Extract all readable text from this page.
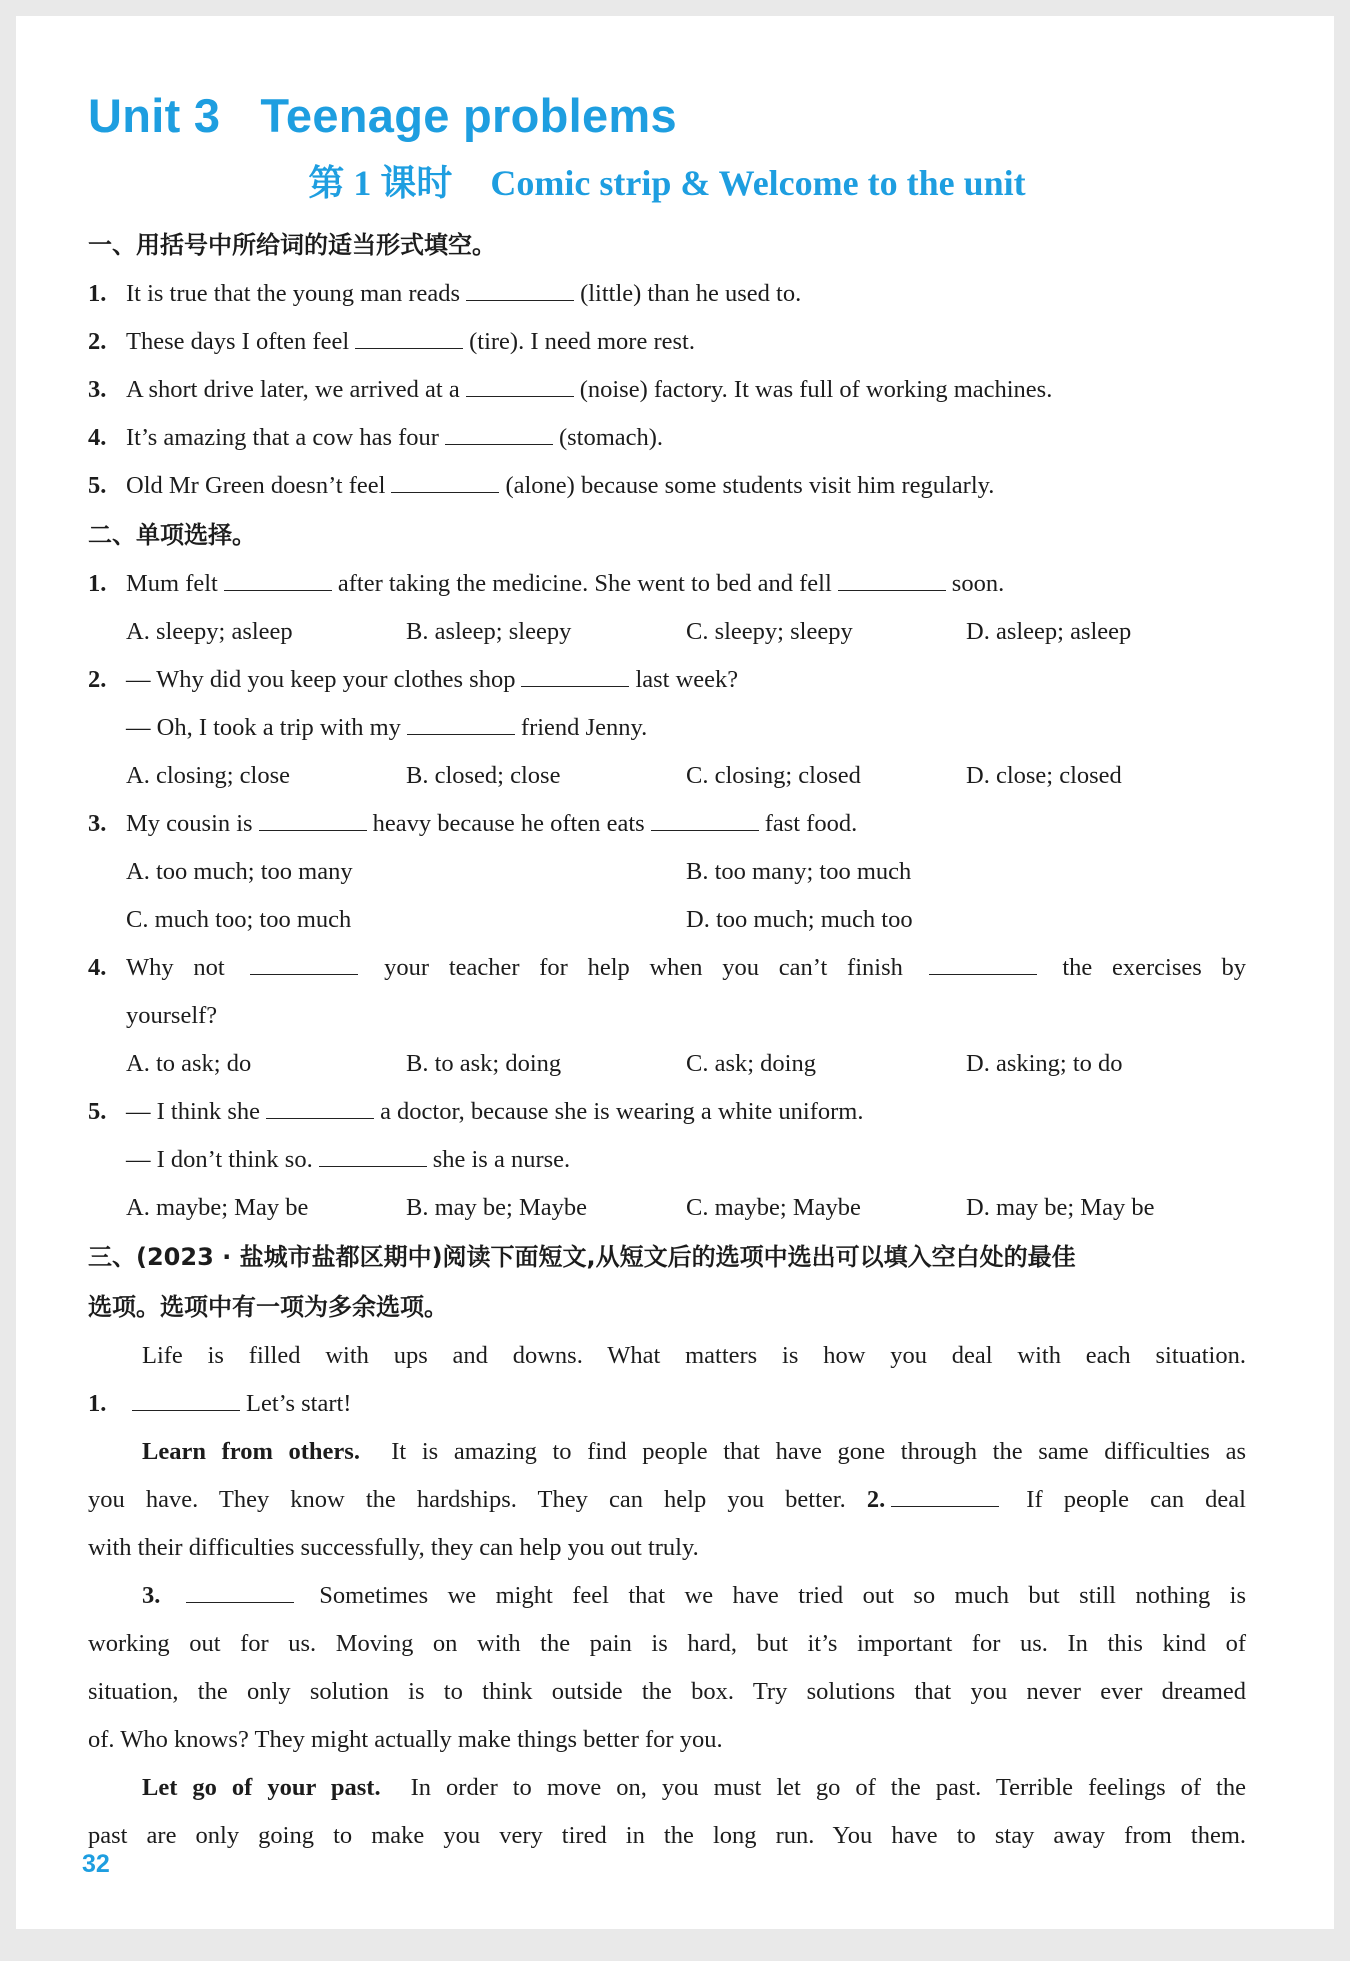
Unit 3 Teenage problems
第 1 课时 Comic strip & Welcome to the unit
一、用括号中所给词的适当形式填空。
1. It is true that the young man reads	(little) than he used to.
2. These days I often feel	(tire). I need more rest.
3. A short drive later, we arrived at a	(noise) factory. It was full of working machines.
4. It’s amazing that a cow has four	(stomach).
5. Old Mr Green doesn’t feel	(alone) because some students visit him regularly.
二、单项选择。
1. Mum felt	after taking the medicine. She went to bed and fell	soon.
A. sleepy; asleep	B. asleep; sleepy	C. sleepy; sleepy	D. asleep; asleep
2. — Why did you keep your clothes shop	last week?
— Oh, I took a trip with my	friend Jenny.
A. closing; close	B. closed; close	C. closing; closed	D. close; closed
3. My cousin is	heavy because he often eats	fast food.
A. too much; too many	B. too many; too much
C. much too; too much	D. too much; much too
4. Why not	your teacher for help when you can’t finish	the exercises by
yourself?
A. to ask; do	B. to ask; doing	C. ask; doing	D. asking; to do
5. — I think she	a doctor, because she is wearing a white uniform.
— I don’t think so.	she is a nurse.
A. maybe; May be	B. may be; Maybe	C. maybe; Maybe	D. may be; May be
三、(2023 · 盐城市盐都区期中)阅读下面短文,从短文后的选项中选出可以填入空白处的最佳
选项。选项中有一项为多余选项。
Life is filled with ups and downs. What matters is how you deal with each situation.
1.	Let’s start!
Learn from others. It is amazing to find people that have gone through the same difficulties as
you have. They know the hardships. They can help you better. 2.	If people can deal
with their difficulties successfully, they can help you out truly.
3.	Sometimes we might feel that we have tried out so much but still nothing is
working out for us. Moving on with the pain is hard, but it’s important for us. In this kind of
situation, the only solution is to think outside the box. Try solutions that you never ever dreamed
of. Who knows? They might actually make things better for you.
Let go of your past. In order to move on, you must let go of the past. Terrible feelings of the
past are only going to make you very tired in the long run. You have to stay away from them.
32
